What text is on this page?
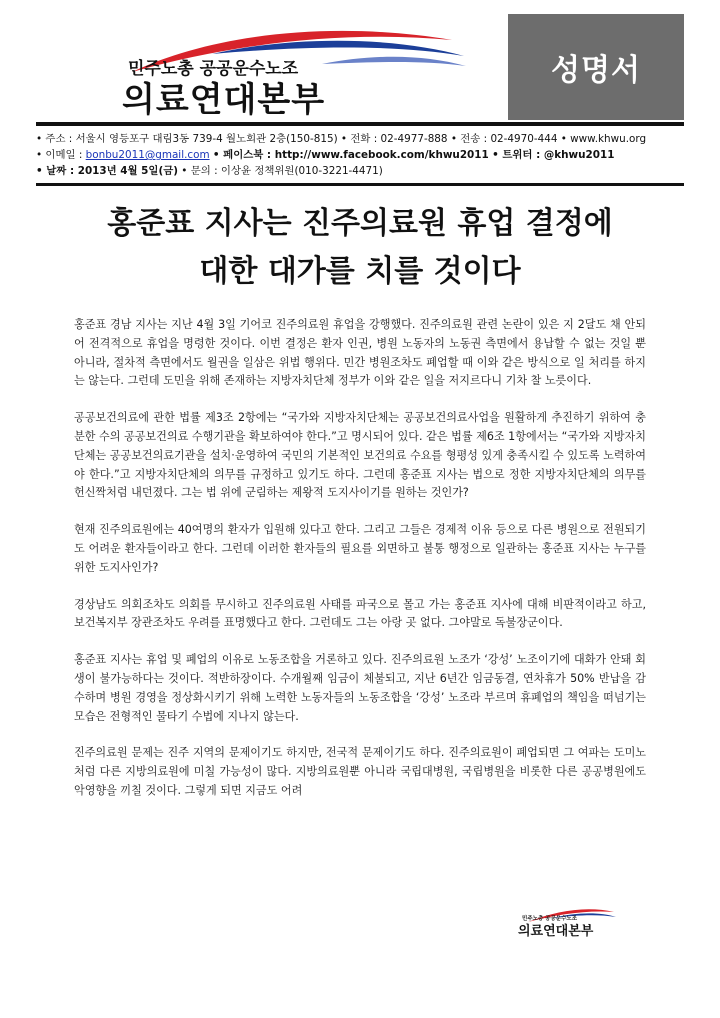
민주노총 공공운수노조
의료연대본부
성명서
• 주소 : 서울시 영등포구 대림3동 739-4 월노회관 2층(150-815) • 전화 : 02-4977-888 • 전송 : 02-4970-444 • www.khwu.org
• 이메일 : bonbu2011@gmail.com • 페이스북 : http://www.facebook.com/khwu2011 • 트위터 : @khwu2011
• 날짜 : 2013년 4월 5일(금) • 문의 : 이상윤 정책위원(010-3221-4471)
홍준표 지사는 진주의료원 휴업 결정에
대한 대가를 치를 것이다

홍준표 경남 지사는 지난 4월 3일 기어코 진주의료원 휴업을 강행했다. 진주의료원 관련 논란이 있은 지 2달도 채 안되어 전격적으로 휴업을 명령한 것이다. 이번 결정은 환자 인권, 병원 노동자의 노동권 측면에서 용납할 수 없는 것일 뿐 아니라, 절차적 측면에서도 월권을 일삼은 위법 행위다. 민간 병원조차도 폐업할 때 이와 같은 방식으로 일 처리를 하지는 않는다. 그런데 도민을 위해 존재하는 지방자치단체 정부가 이와 같은 일을 저지르다니 기차 찰 노릇이다.

공공보건의료에 관한 법률 제3조 2항에는 “국가와 지방자치단체는 공공보건의료사업을 원활하게 추진하기 위하여 충분한 수의 공공보건의료 수행기관을 확보하여야 한다.”고 명시되어 있다. 같은 법률 제6조 1항에서는 “국가와 지방자치단체는 공공보건의료기관을 설치·운영하여 국민의 기본적인 보건의료 수요를 형평성 있게 충족시킬 수 있도록 노력하여야 한다.”고 지방자치단체의 의무를 규정하고 있기도 하다. 그런데 홍준표 지사는 법으로 정한 지방자치단체의 의무를 헌신짝처럼 내던졌다. 그는 법 위에 군림하는 제왕적 도지사이기를 원하는 것인가?

현재 진주의료원에는 40여명의 환자가 입원해 있다고 한다. 그리고 그들은 경제적 이유 등으로 다른 병원으로 전원되기도 어려운 환자들이라고 한다. 그런데 이러한 환자들의 필요를 외면하고 불통 행정으로 일관하는 홍준표 지사는 누구를 위한 도지사인가?

경상남도 의회조차도 의회를 무시하고 진주의료원 사태를 파국으로 몰고 가는 홍준표 지사에 대해 비판적이라고 하고, 보건복지부 장관조차도 우려를 표명했다고 한다. 그런데도 그는 아랑 곳 없다. 그야말로 독불장군이다.

홍준표 지사는 휴업 및 폐업의 이유로 노동조합을 거론하고 있다. 진주의료원 노조가 ‘강성’ 노조이기에 대화가 안돼 회생이 불가능하다는 것이다. 적반하장이다. 수개월째 임금이 체불되고, 지난 6년간 임금동결, 연차휴가 50% 반납을 감수하며 병원 경영을 정상화시키기 위해 노력한 노동자들의 노동조합을 ‘강성’ 노조라 부르며 휴폐업의 책임을 떠넘기는 모습은 전형적인 물타기 수법에 지나지 않는다.

진주의료원 문제는 진주 지역의 문제이기도 하지만, 전국적 문제이기도 하다. 진주의료원이 폐업되면 그 여파는 도미노처럼 다른 지방의료원에 미칠 가능성이 많다. 지방의료원뿐 아니라 국립대병원, 국립병원을 비롯한 다른 공공병원에도 악영향을 끼칠 것이다. 그렇게 되면 지금도 어려

민주노총 공공운수노조
의료연대본부
